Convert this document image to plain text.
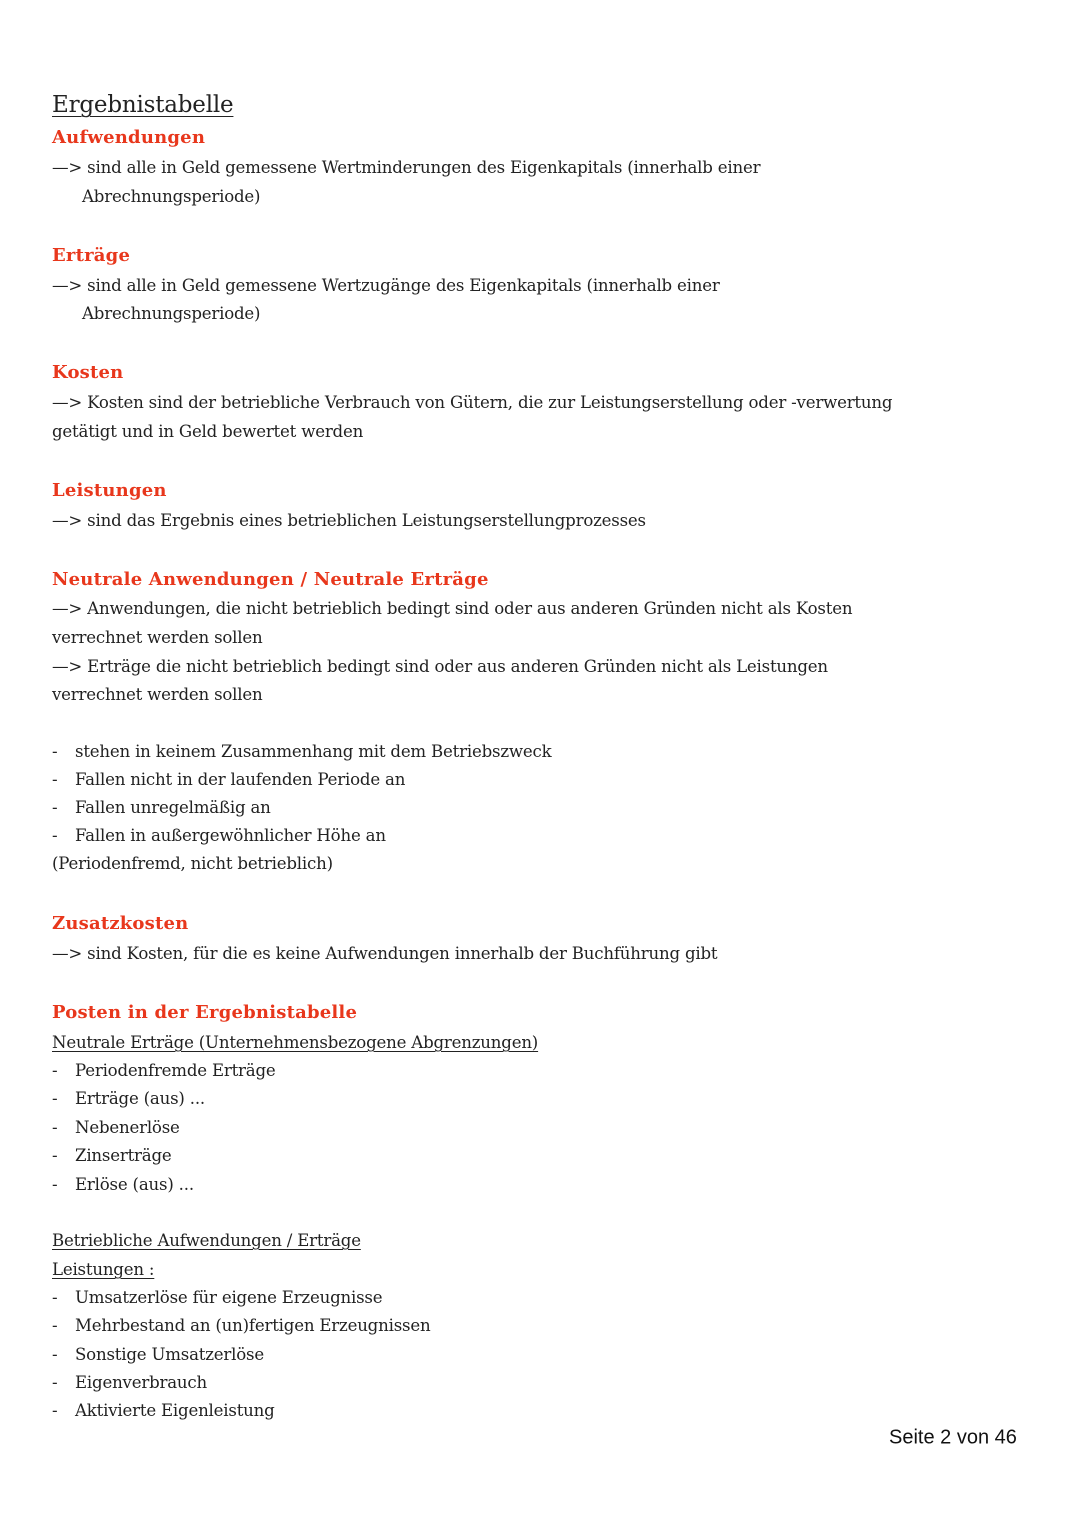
Ergebnistabelle
Aufwendungen
—> sind alle in Geld gemessene Wertminderungen des Eigenkapitals (innerhalb einer
Abrechnungsperiode)
Erträge
—> sind alle in Geld gemessene Wertzugänge des Eigenkapitals (innerhalb einer
Abrechnungsperiode)
Kosten
—> Kosten sind der betriebliche Verbrauch von Gütern, die zur Leistungserstellung oder -verwertung
getätigt und in Geld bewertet werden
Leistungen
—> sind das Ergebnis eines betrieblichen Leistungserstellungprozesses
Neutrale Anwendungen / Neutrale Erträge
—> Anwendungen, die nicht betrieblich bedingt sind oder aus anderen Gründen nicht als Kosten
verrechnet werden sollen
—> Erträge die nicht betrieblich bedingt sind oder aus anderen Gründen nicht als Leistungen
verrechnet werden sollen
- stehen in keinem Zusammenhang mit dem Betriebszweck
- Fallen nicht in der laufenden Periode an
- Fallen unregelmäßig an
- Fallen in außergewöhnlicher Höhe an
(Periodenfremd, nicht betrieblich)
Zusatzkosten
—> sind Kosten, für die es keine Aufwendungen innerhalb der Buchführung gibt
Posten in der Ergebnistabelle
Neutrale Erträge (Unternehmensbezogene Abgrenzungen)
- Periodenfremde Erträge
- Erträge (aus) ...
- Nebenerlöse
- Zinserträge
- Erlöse (aus) ...
Betriebliche Aufwendungen / Erträge
Leistungen :
- Umsatzerlöse für eigene Erzeugnisse
- Mehrbestand an (un)fertigen Erzeugnissen
- Sonstige Umsatzerlöse
- Eigenverbrauch
- Aktivierte Eigenleistung
Seite 2 von 46
